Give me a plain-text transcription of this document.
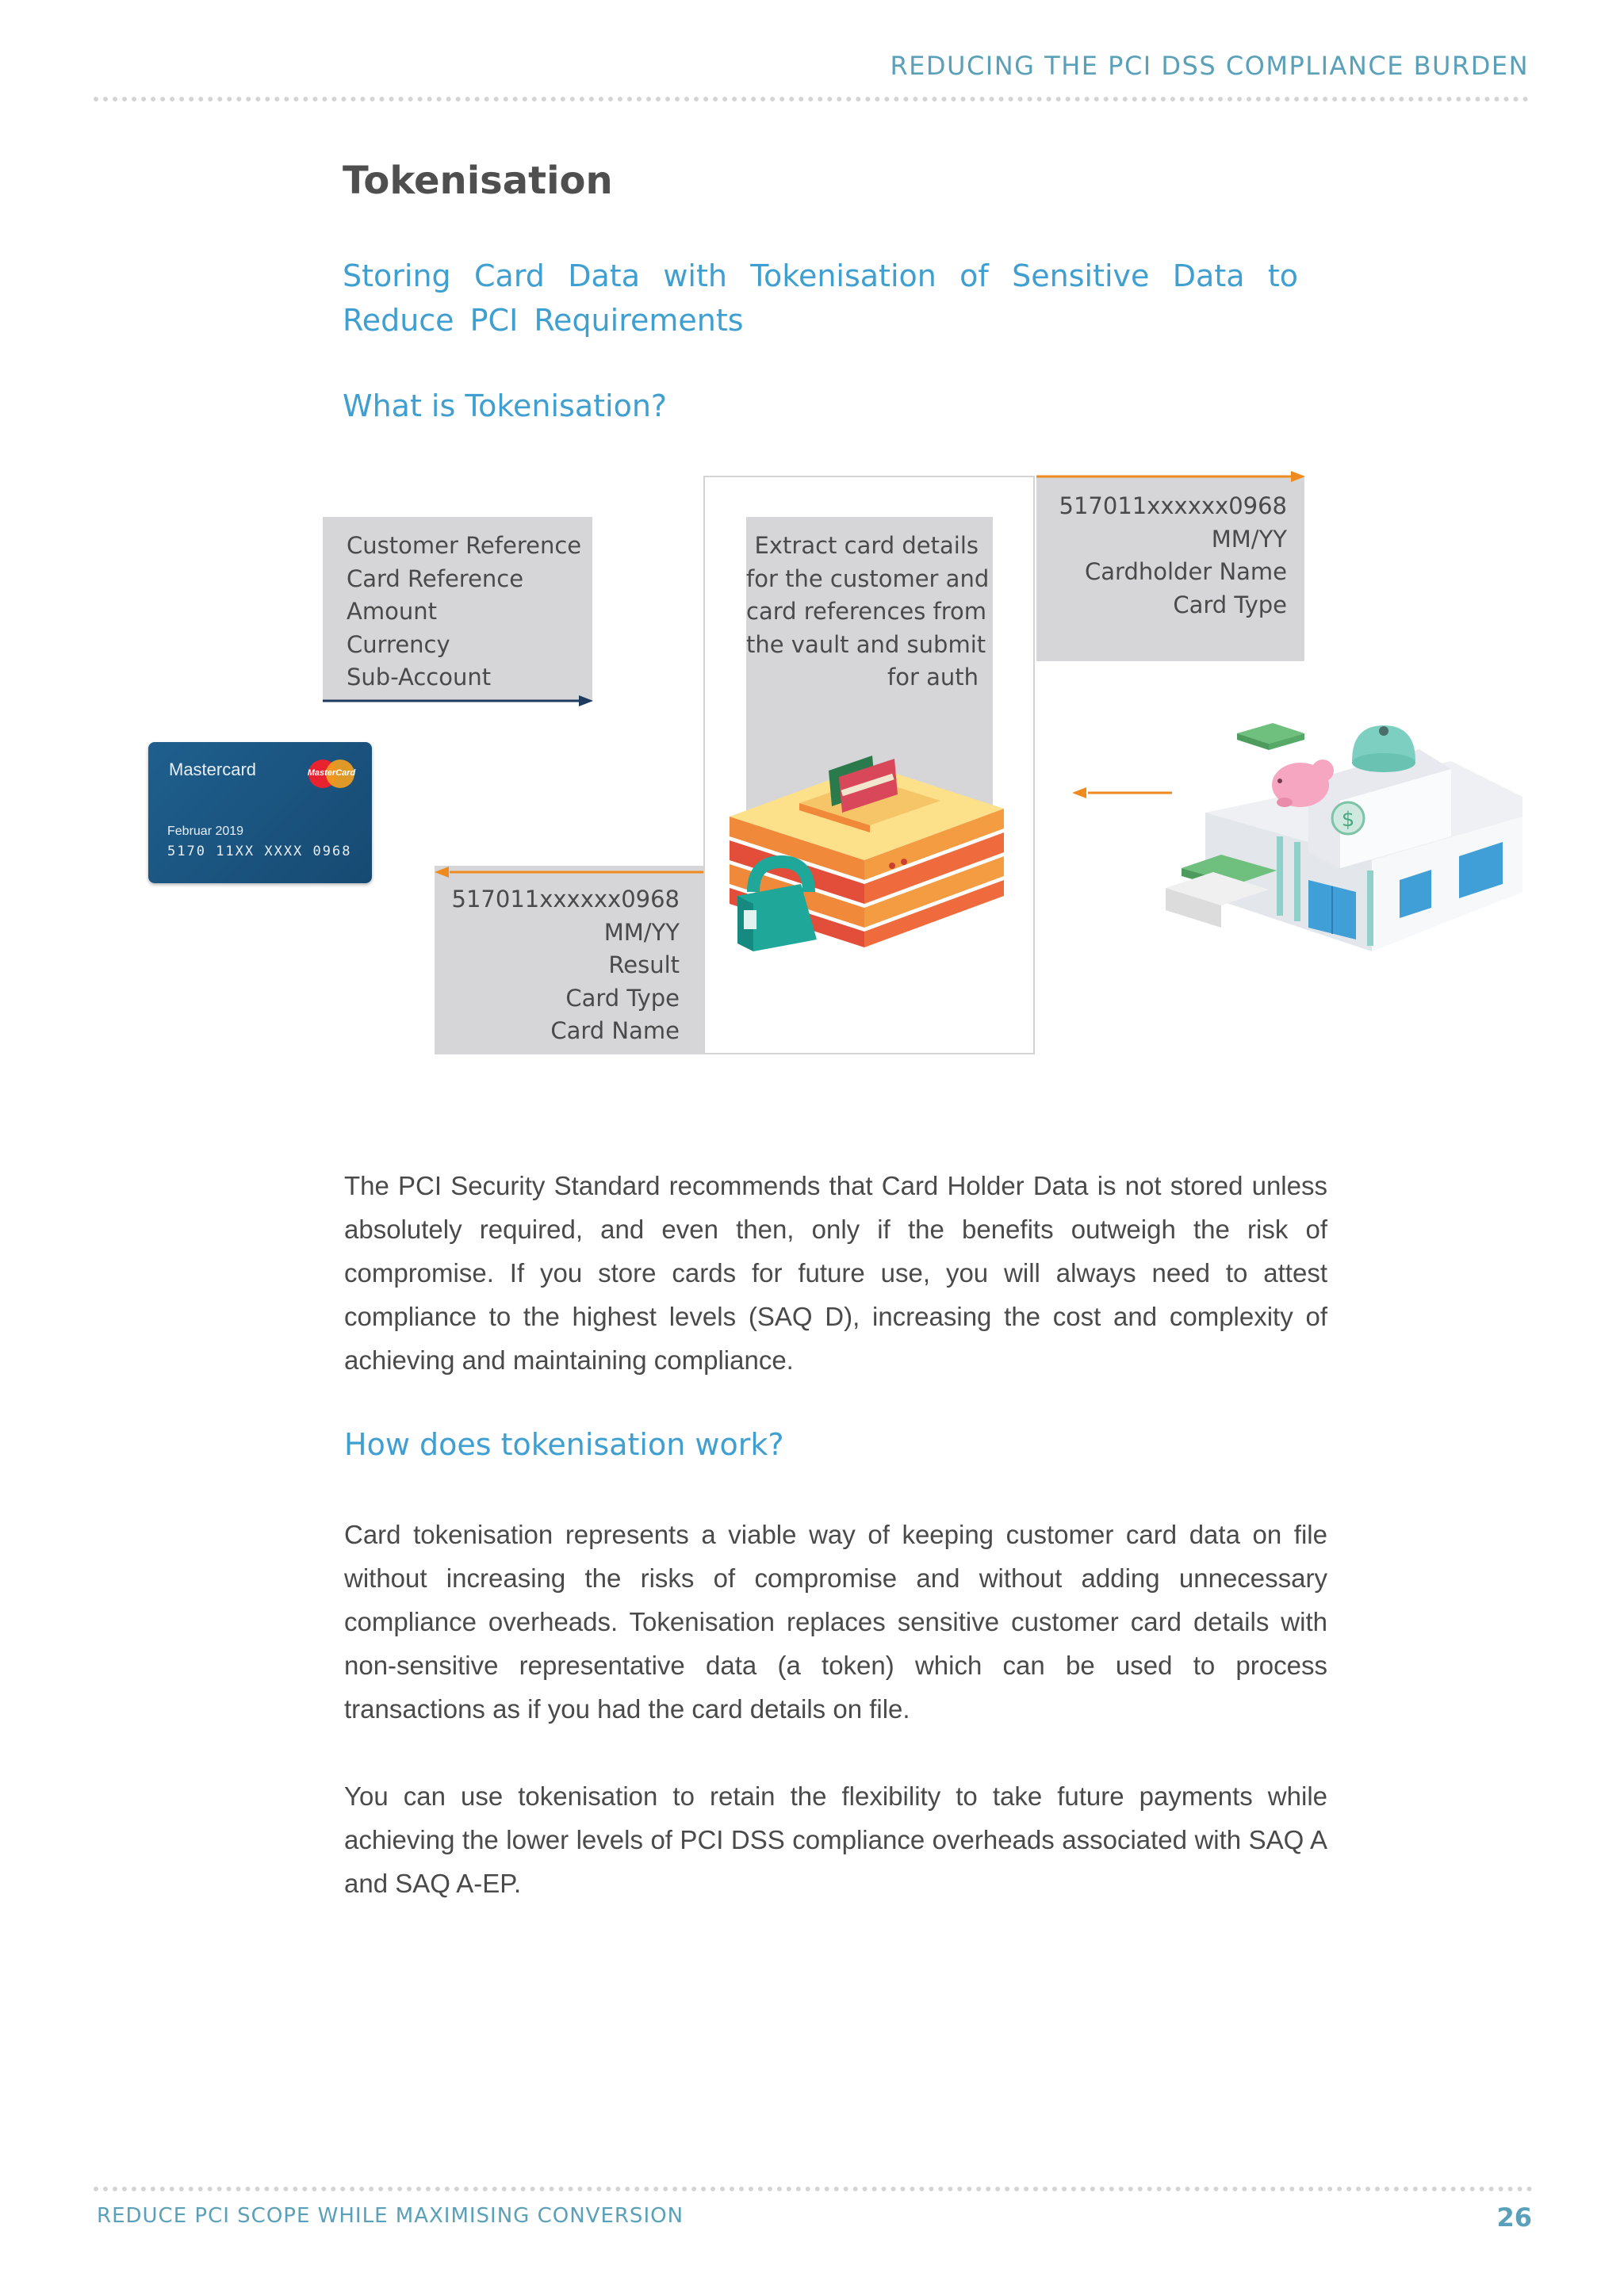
REDUCING THE PCI DSS COMPLIANCE BURDEN
Tokenisation
Storing Card Data with Tokenisation of Sensitive Data to Reduce PCI Requirements
What is Tokenisation?
Customer Reference
Card Reference
Amount
Currency
Sub-Account
Extract card details
for the customer and
card references from
the vault and submit
for auth
517011xxxxxx0968
MM/YY
Cardholder Name
Card Type
517011xxxxxx0968
MM/YY
Result
Card Type
Card Name
$
Mastercard	MasterCard
Februar 2019
5170 11XX XXXX 0968
The PCI Security Standard recommends that Card Holder Data is not stored unless absolutely required, and even then, only if the benefits outweigh the risk of compromise. If you store cards for future use, you will always need to attest compliance to the highest levels (SAQ D), increasing the cost and complexity of achieving and maintaining compliance.
How does tokenisation work?
Card tokenisation represents a viable way of keeping customer card data on file without increasing the risks of compromise and without adding unnecessary compliance overheads. Tokenisation replaces sensitive customer card details with non-sensitive representative data (a token) which can be used to process transactions as if you had the card details on file.
You can use tokenisation to retain the flexibility to take future payments while achieving the lower levels of PCI DSS compliance overheads associated with SAQ A and SAQ A-EP.
REDUCE PCI SCOPE WHILE MAXIMISING CONVERSION	26
